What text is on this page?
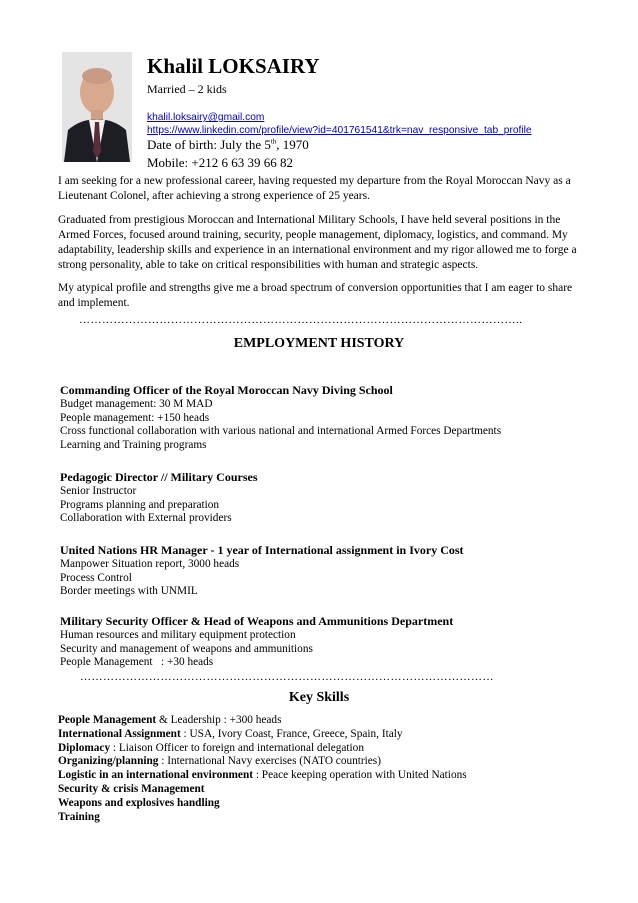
Khalil LOKSAIRY
Married – 2 kids
khalil.loksairy@gmail.com
https://www.linkedin.com/profile/view?id=401761541&trk=nav_responsive_tab_profile
Date of birth: July the 5th, 1970
Mobile: +212 6 63 39 66 82

I am seeking for a new professional career, having requested my departure from the Royal Moroccan Navy as a Lieutenant Colonel, after achieving a strong experience of 25 years.

Graduated from prestigious Moroccan and International Military Schools, I have held several positions in the Armed Forces, focused around training, security, people management, diplomacy, logistics, and command. My adaptability, leadership skills and experience in an international environment and my rigor allowed me to forge a strong personality, able to take on critical responsibilities with human and strategic aspects.

My atypical profile and strengths give me a broad spectrum of conversion opportunities that I am eager to share and implement.

……………………………………………………………………………………………………..
EMPLOYMENT HISTORY
Commanding Officer of the Royal Moroccan Navy Diving School
Budget management: 30 M MAD
People management: +150 heads
Cross functional collaboration with various national and international Armed Forces Departments
Learning and Training programs
Pedagogic Director // Military Courses
Senior Instructor
Programs planning and preparation
Collaboration with External providers
United Nations HR Manager - 1 year of International assignment in Ivory Cost
Manpower Situation report, 3000 heads
Process Control
Border meetings with UNMIL
Military Security Officer & Head of Weapons and Ammunitions Department
Human resources and military equipment protection
Security and management of weapons and ammunitions
People Management   : +30 heads
………………………………………………………………………………………………
Key Skills
People Management & Leadership : +300 heads
International Assignment : USA, Ivory Coast, France, Greece, Spain, Italy
Diplomacy : Liaison Officer to foreign and international delegation
Organizing/planning : International Navy exercises (NATO countries)
Logistic in an international environment : Peace keeping operation with United Nations
Security & crisis Management
Weapons and explosives handling
Training
